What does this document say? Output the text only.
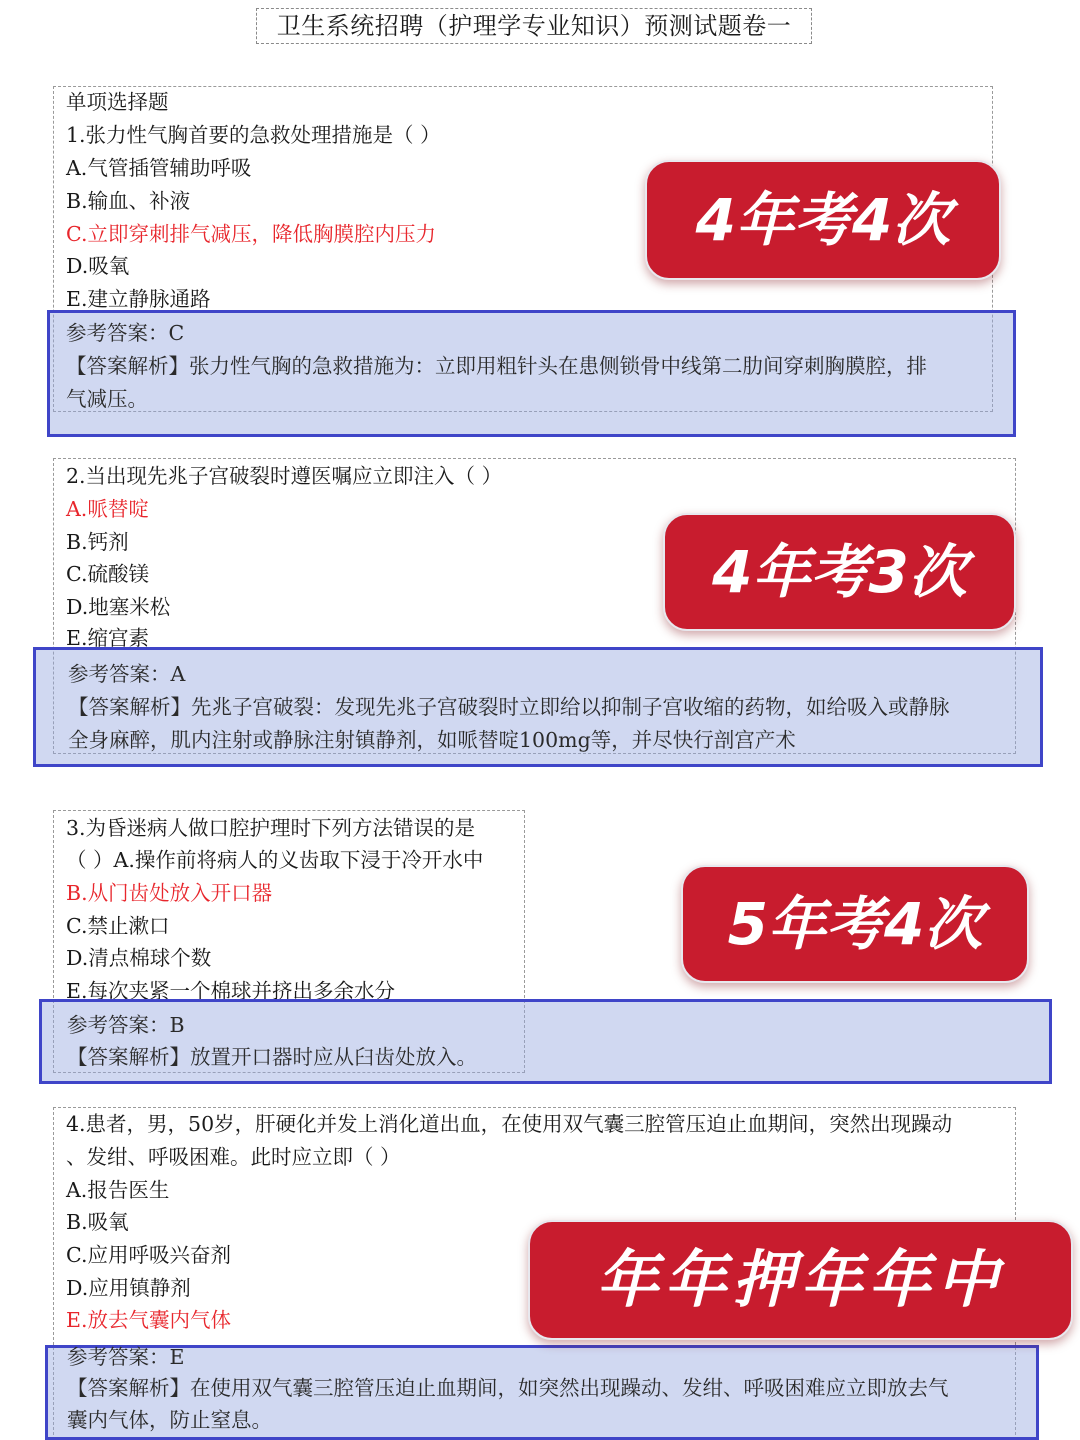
卫生系统招聘（护理学专业知识）预测试题卷一
单项选择题
1.张力性气胸首要的急救处理措施是（ ）
A.气管插管辅助呼吸
B.输血、补液
C.立即穿刺排气减压，降低胸膜腔内压力
D.吸氧
E.建立静脉通路
参考答案：C
【答案解析】张力性气胸的急救措施为：立即用粗针头在患侧锁骨中线第二肋间穿刺胸膜腔，排
气减压。
4年考4次
2.当出现先兆子宫破裂时遵医嘱应立即注入（ ）
A.哌替啶
B.钙剂
C.硫酸镁
D.地塞米松
E.缩宫素
参考答案：A
【答案解析】先兆子宫破裂：发现先兆子宫破裂时立即给以抑制子宫收缩的药物，如给吸入或静脉
全身麻醉，肌内注射或静脉注射镇静剂，如哌替啶100mg等，并尽快行剖宫产术
4年考3次
3.为昏迷病人做口腔护理时下列方法错误的是
（ ）A.操作前将病人的义齿取下浸于冷开水中
B.从门齿处放入开口器
C.禁止漱口
D.清点棉球个数
E.每次夹紧一个棉球并挤出多余水分
参考答案：B
【答案解析】放置开口器时应从臼齿处放入。
5年考4次
4.患者，男，50岁，肝硬化并发上消化道出血，在使用双气囊三腔管压迫止血期间，突然出现躁动
、发绀、呼吸困难。此时应立即（ ）
A.报告医生
B.吸氧
C.应用呼吸兴奋剂
D.应用镇静剂
E.放去气囊内气体
参考答案：E
【答案解析】在使用双气囊三腔管压迫止血期间，如突然出现躁动、发绀、呼吸困难应立即放去气
囊内气体，防止窒息。
年年押年年中
